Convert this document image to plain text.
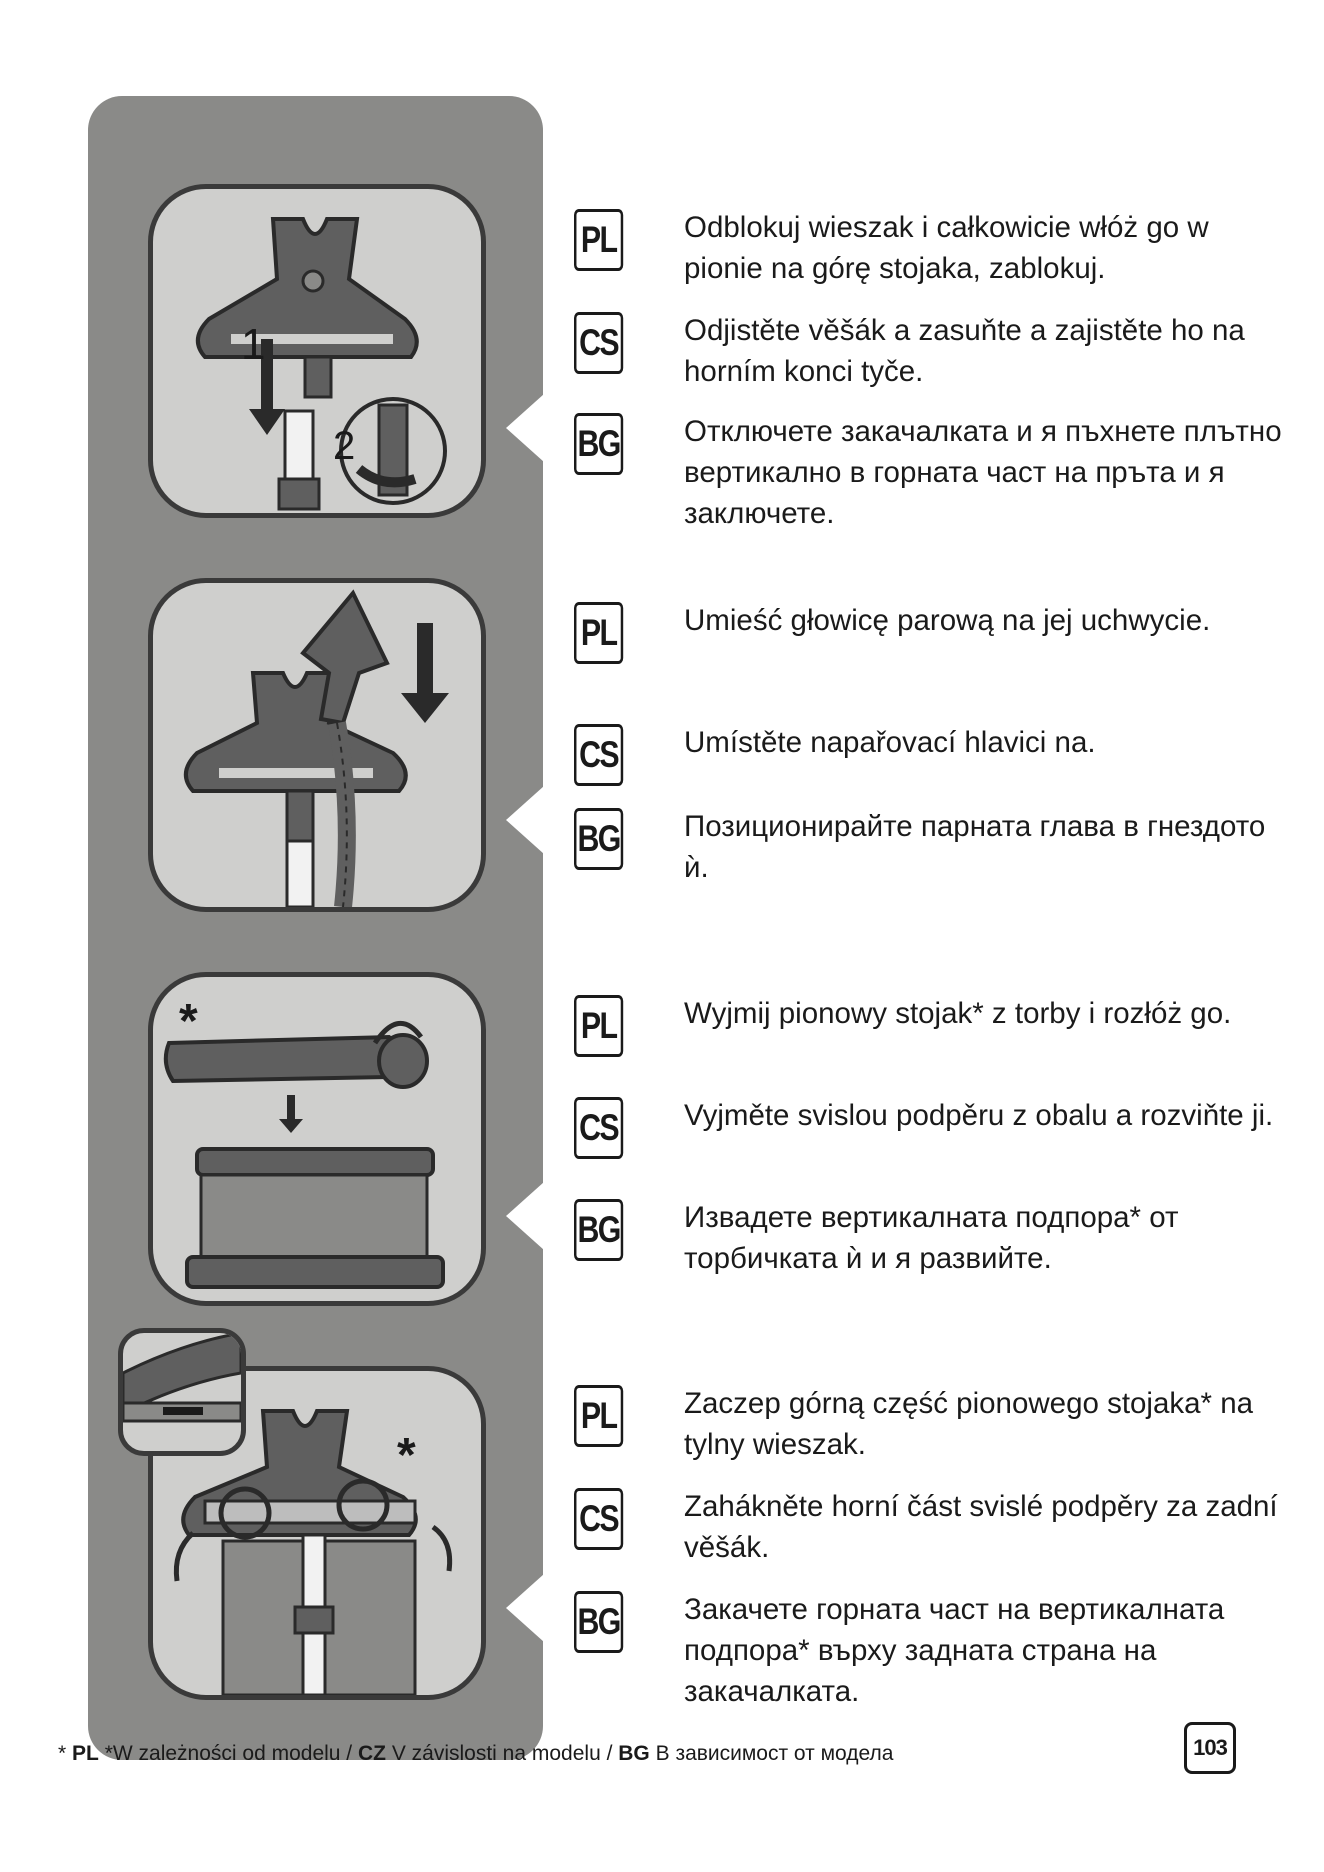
1
2
*
*
PL Odblokuj wieszak i całkowicie włóż go w pionie na górę stojaka, zablokuj.
CS Odjistěte věšák a zasuňte a zajistěte ho na horním konci tyče.
BG Отключете закачалката и я пъхнете плътно вертикално в горната част на пръта и я заключете.
PL Umieść głowicę parową na jej uchwycie.
CS Umístěte napařovací hlavici na.
BG Позиционирайте парната глава в гнездото ѝ.
PL Wyjmij pionowy stojak* z torby i rozłóż go.
CS Vyjměte svislou podpěru z obalu a rozviňte ji.
BG Извадете вертикалната подпора* от торбичката ѝ и я развийте.
PL Zaczep górną część pionowego stojaka* na tylny wieszak.
CS Zahákněte horní část svislé podpěry za zadní věšák.
BG Закачете горната част на вертикалната подпора* върху задната страна на закачалката.
* PL *W zależności od modelu / CZ V závislosti na modelu / BG В зависимост от модела	103
